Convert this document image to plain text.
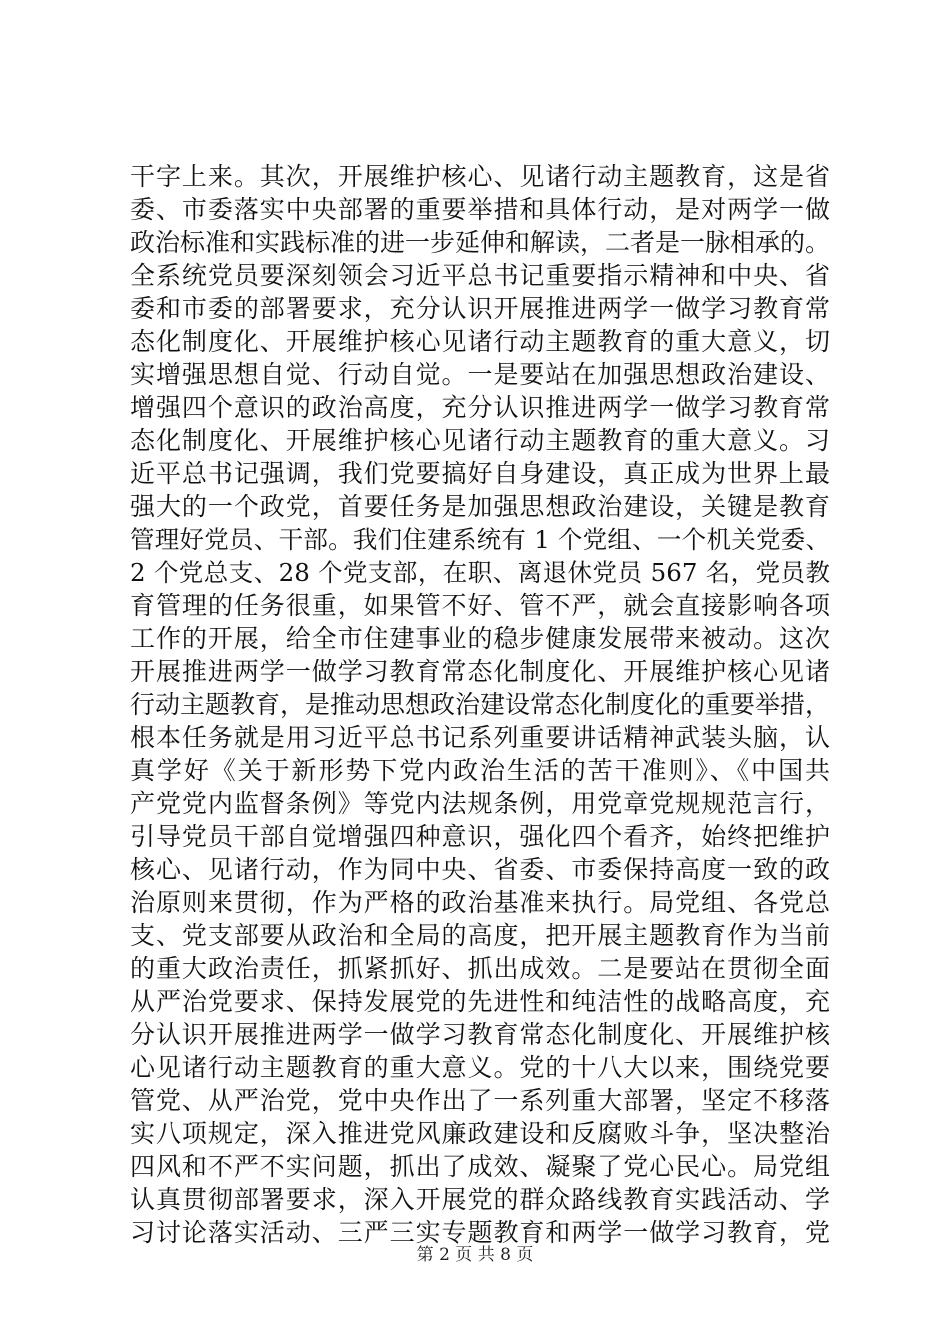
干字上来。其次，开展维护核心、见诸行动主题教育，这是省
委、市委落实中央部署的重要举措和具体行动，是对两学一做
政治标准和实践标准的进一步延伸和解读，二者是一脉相承的。
全系统党员要深刻领会习近平总书记重要指示精神和中央、省
委和市委的部署要求，充分认识开展推进两学一做学习教育常
态化制度化、开展维护核心见诸行动主题教育的重大意义，切
实增强思想自觉、行动自觉。一是要站在加强思想政治建设、
增强四个意识的政治高度，充分认识推进两学一做学习教育常
态化制度化、开展维护核心见诸行动主题教育的重大意义。习
近平总书记强调，我们党要搞好自身建设，真正成为世界上最
强大的一个政党，首要任务是加强思想政治建设，关键是教育
管理好党员、干部。我们住建系统有 1 个党组、一个机关党委、
2 个党总支、28 个党支部，在职、离退休党员 567 名，党员教
育管理的任务很重，如果管不好、管不严，就会直接影响各项
工作的开展，给全市住建事业的稳步健康发展带来被动。这次
开展推进两学一做学习教育常态化制度化、开展维护核心见诸
行动主题教育，是推动思想政治建设常态化制度化的重要举措，
根本任务就是用习近平总书记系列重要讲话精神武装头脑，认
真学好《关于新形势下党内政治生活的苦干准则》、《中国共
产党党内监督条例》等党内法规条例，用党章党规规范言行，
引导党员干部自觉增强四种意识，强化四个看齐，始终把维护
核心、见诸行动，作为同中央、省委、市委保持高度一致的政
治原则来贯彻，作为严格的政治基准来执行。局党组、各党总
支、党支部要从政治和全局的高度，把开展主题教育作为当前
的重大政治责任，抓紧抓好、抓出成效。二是要站在贯彻全面
从严治党要求、保持发展党的先进性和纯洁性的战略高度，充
分认识开展推进两学一做学习教育常态化制度化、开展维护核
心见诸行动主题教育的重大意义。党的十八大以来，围绕党要
管党、从严治党，党中央作出了一系列重大部署，坚定不移落
实八项规定，深入推进党风廉政建设和反腐败斗争，坚决整治
四风和不严不实问题，抓出了成效、凝聚了党心民心。局党组
认真贯彻部署要求，深入开展党的群众路线教育实践活动、学
习讨论落实活动、三严三实专题教育和两学一做学习教育，党
第 2 页 共 8 页
